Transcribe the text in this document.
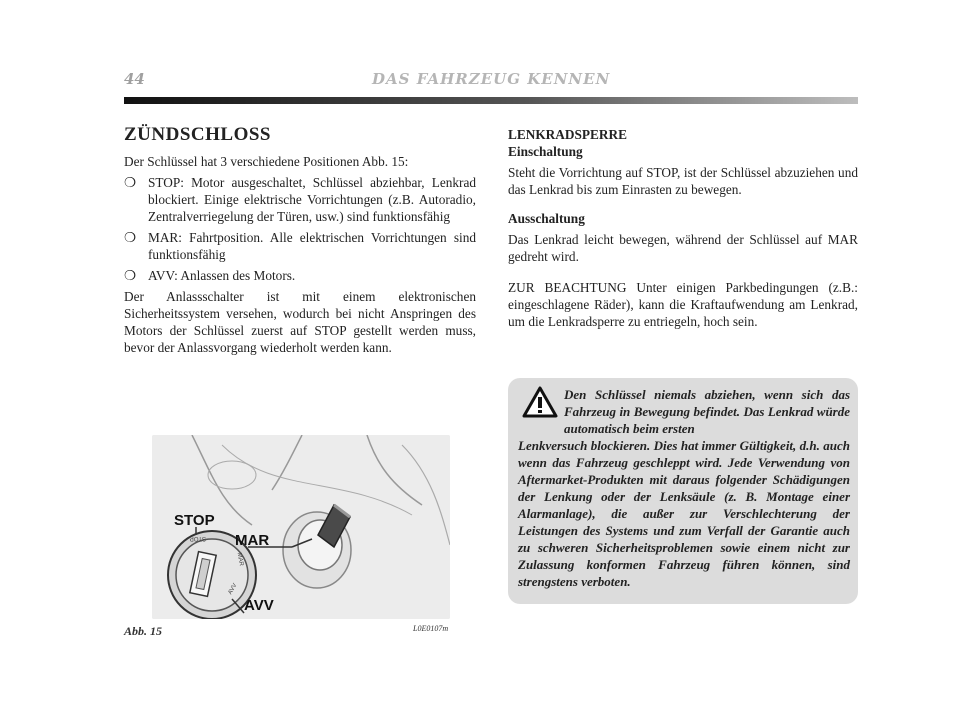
44	DAS FAHRZEUG KENNEN
ZÜNDSCHLOSS

Der Schlüssel hat 3 verschiedene Positionen Abb. 15:

❍ STOP: Motor ausgeschaltet, Schlüssel abziehbar, Lenkrad blockiert. Einige elektrische Vorrichtungen (z.B. Autoradio, Zentralverriegelung der Türen, usw.) sind funktionsfähig
❍ MAR: Fahrtposition. Alle elektrischen Vorrichtungen sind funktionsfähig
❍ AVV: Anlassen des Motors.

Der Anlassschalter ist mit einem elektronischen Sicherheitssystem versehen, wodurch bei nicht Anspringen des Motors der Schlüssel zuerst auf STOP gestellt werden muss, bevor der Anlassvorgang wiederholt werden kann.

LENKRADSPERRE

Einschaltung

Steht die Vorrichtung auf STOP, ist der Schlüssel abzuziehen und das Lenkrad bis zum Einrasten zu bewegen.

Ausschaltung

Das Lenkrad leicht bewegen, während der Schlüssel auf MAR gedreht wird.

ZUR BEACHTUNG Unter einigen Parkbedingungen (z.B.: eingeschlagene Räder), kann die Kraftaufwendung am Lenkrad, um die Lenkradsperre zu entriegeln, hoch sein.

Den Schlüssel niemals abziehen, wenn sich das Fahrzeug in Bewegung befindet. Das Lenkrad würde automatisch beim ersten
Lenkversuch blockieren. Dies hat immer Gültigkeit, d.h. auch wenn das Fahrzeug geschleppt wird. Jede Verwendung von Aftermarket-Produkten mit daraus folgender Schädigungen der Lenkung oder der Lenksäule (z. B. Montage einer Alarmanlage), die außer zur Verschlechterung der Leistungen des Systems und zum Verfall der Garantie auch zu schweren Sicherheitsproblemen sowie einem nicht zur Zulassung konformen Fahrzeug führen können, sind strengstens verboten.
STOP
MAR
AVV
STOP
MAR
AVV
Abb. 15	L0E0107m
